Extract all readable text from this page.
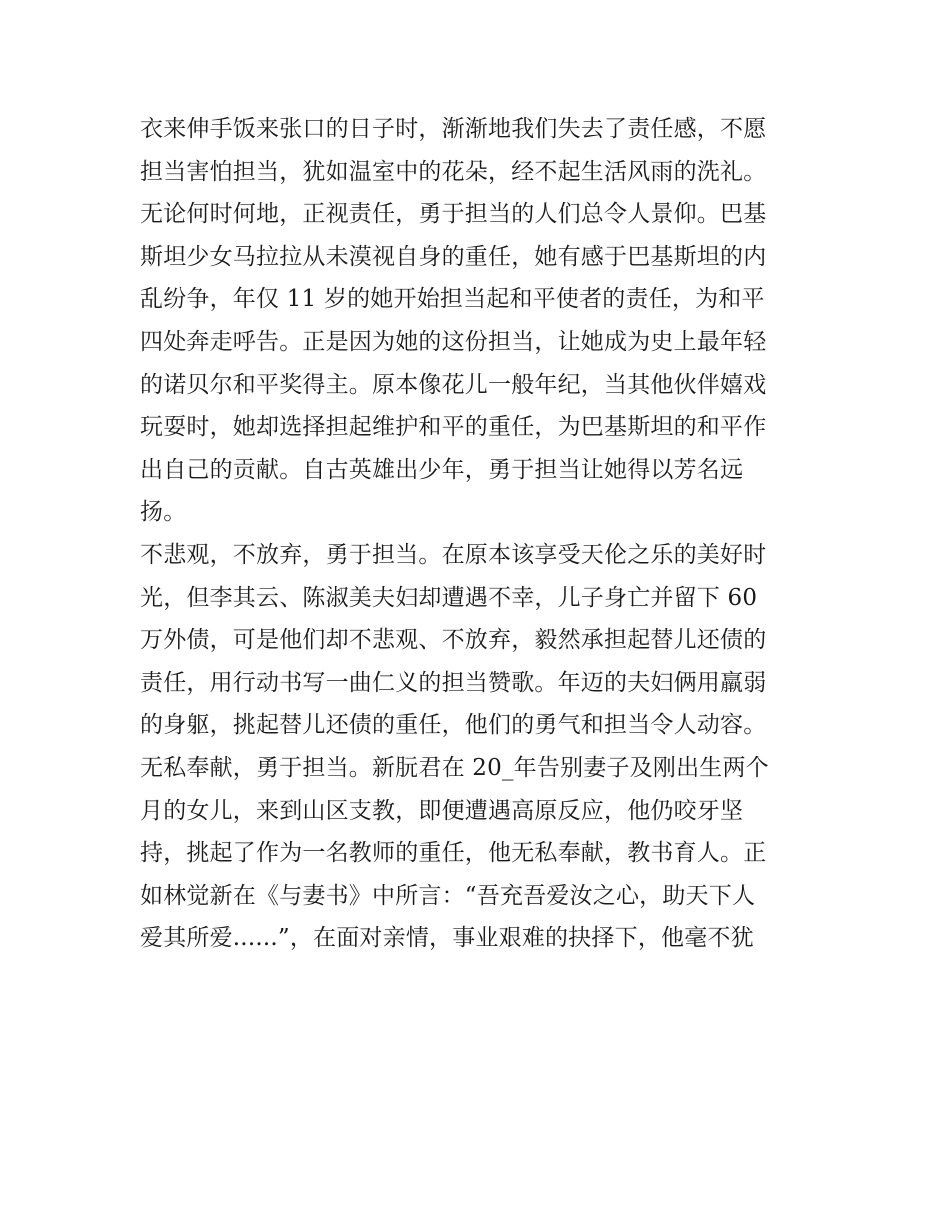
衣来伸手饭来张口的日子时，渐渐地我们失去了责任感，不愿
担当害怕担当，犹如温室中的花朵，经不起生活风雨的洗礼。
无论何时何地，正视责任，勇于担当的人们总令人景仰。巴基
斯坦少女马拉拉从未漠视自身的重任，她有感于巴基斯坦的内
乱纷争，年仅 11 岁的她开始担当起和平使者的责任，为和平
四处奔走呼告。正是因为她的这份担当，让她成为史上最年轻
的诺贝尔和平奖得主。原本像花儿一般年纪，当其他伙伴嬉戏
玩耍时，她却选择担起维护和平的重任，为巴基斯坦的和平作
出自己的贡献。自古英雄出少年，勇于担当让她得以芳名远
扬。
不悲观，不放弃，勇于担当。在原本该享受天伦之乐的美好时
光，但李其云、陈淑美夫妇却遭遇不幸，儿子身亡并留下 60
万外债，可是他们却不悲观、不放弃，毅然承担起替儿还债的
责任，用行动书写一曲仁义的担当赞歌。年迈的夫妇俩用羸弱
的身躯，挑起替儿还债的重任，他们的勇气和担当令人动容。
无私奉献，勇于担当。新朊君在 20_年告别妻子及刚出生两个
月的女儿，来到山区支教，即便遭遇高原反应，他仍咬牙坚
持，挑起了作为一名教师的重任，他无私奉献，教书育人。正
如林觉新在《与妻书》中所言：“吾充吾爱汝之心，助天下人
爱其所爱......”，在面对亲情，事业艰难的抉择下，他毫不犹
